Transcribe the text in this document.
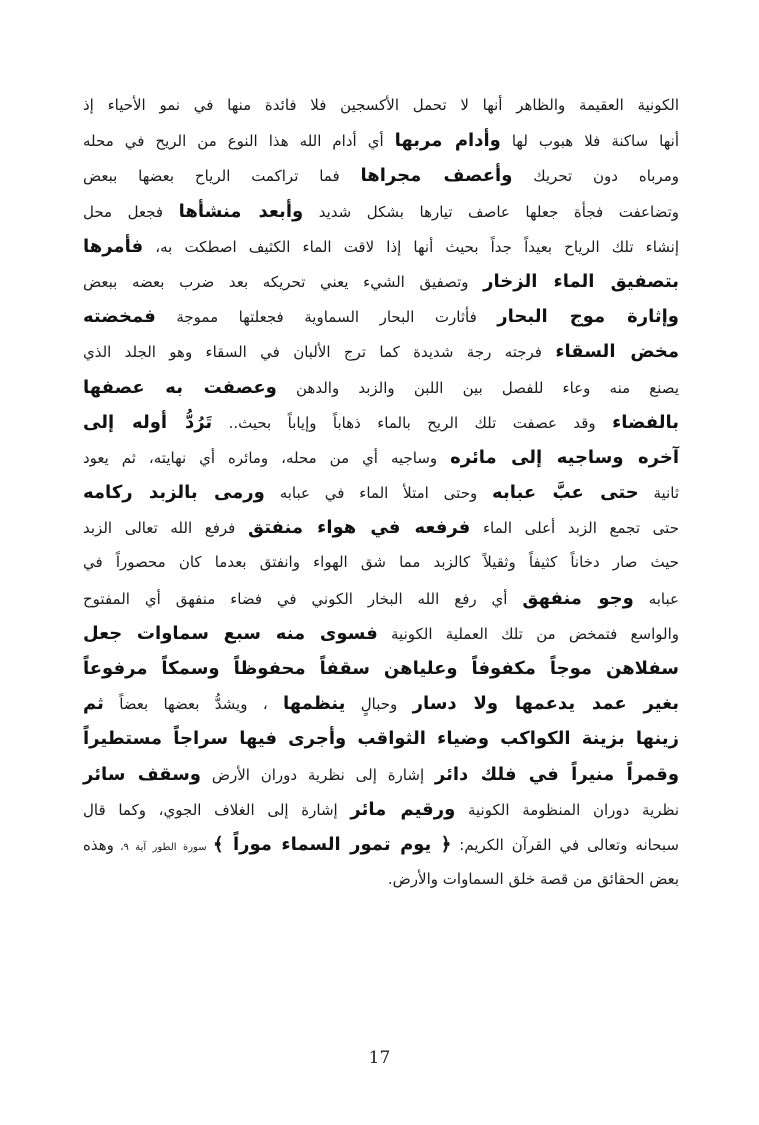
الكونية العقيمة والظاهر أنها لا تحمل الأكسجين فلا فائدة منها في نمو الأحياء إذ
أنها ساكنة فلا هبوب لها وأدام مربها أي أدام الله هذا النوع من الريح في محله
ومرباه دون تحريك وأعصف مجراها فما تراكمت الرياح بعضها ببعض
وتضاعفت فجأة جعلها عاصف تيارها بشكل شديد وأبعد منشأها فجعل محل
إنشاء تلك الرياح بعيداً جداً بحيث أنها إذا لاقت الماء الكثيف اصطكت به، فأمرها
بتصفيق الماء الزخار وتصفيق الشيء يعني تحريكه بعد ضرب بعضه ببعض
وإثارة موج البحار فأثارت البحار السماوية فجعلتها مموجة فمخضته
مخض السقاء فرجته رجة شديدة كما ترج الألبان في السقاء وهو الجلد الذي
يصنع منه وعاء للفصل بين اللبن والزبد والدهن وعصفت به عصفها
بالفضاء وقد عصفت تلك الريح بالماء ذهاباً وإياباً بحيث.. تَرُدُّ أوله إلى
آخره وساجيه إلى مائره وساجيه أي من محله، ومائره أي نهايته، ثم يعود
ثانية حتى عبَّ عبابه وحتى امتلأ الماء في عبابه ورمى بالزبد ركامه
حتى تجمع الزبد أعلى الماء فرفعه في هواء منفتق فرفع الله تعالى الزبد
حيث صار دخاناً كثيفاً وثقيلاً كالزبد مما شق الهواء وانفتق بعدما كان محصوراً في
عبابه وجو منفهق أي رفع الله البخار الكوني في فضاء منفهق أي المفتوح
والواسع فتمخض من تلك العملية الكونية فسوى منه سبع سماوات جعل
سفلاهن موجاً مكفوفاً وعلياهن سقفاً محفوظاً وسمكاً مرفوعاً
بغير عمد يدعمها ولا دسار وحبالٍ ينظمها ، ويشدُّ بعضها بعضاً ثم
زينها بزينة الكواكب وضياء الثواقب وأجرى فيها سراجاً مستطيراً
وقمراً منيراً في فلك دائر إشارة إلى نظرية دوران الأرض وسقف سائر
نظرية دوران المنظومة الكونية ورقيم مائر إشارة إلى الغلاف الجوي، وكما قال
سبحانه وتعالى في القرآن الكريم: ﴿ يوم تمور السماء موراً ﴾ سورة الطور آية ٩، وهذه
بعض الحقائق من قصة خلق السماوات والأرض.
17
